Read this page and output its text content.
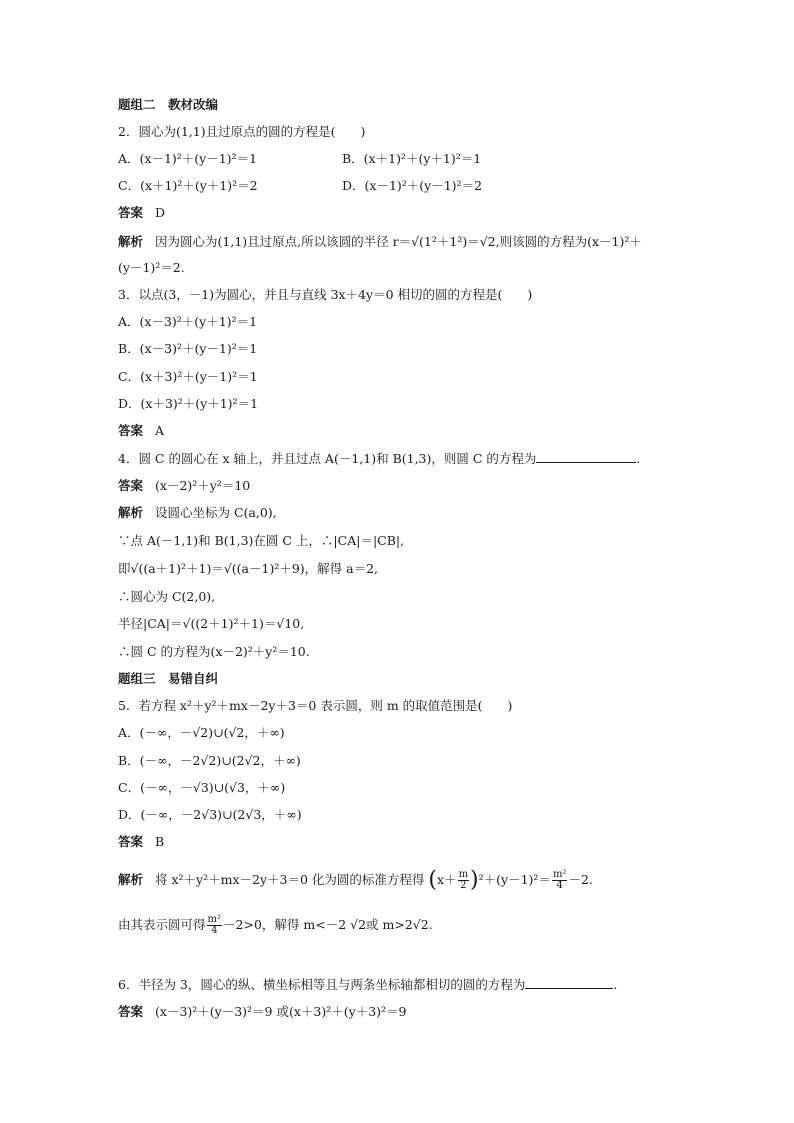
题组二　教材改编
2．圆心为(1,1)且过原点的圆的方程是(　　)
A．(x－1)²＋(y－1)²＝1	B．(x＋1)²＋(y＋1)²＝1
C．(x＋1)²＋(y＋1)²＝2	D．(x－1)²＋(y－1)²＝2
答案 D
解析 因为圆心为(1,1)且过原点,所以该圆的半径 r＝√(1²＋1²)＝√2,则该圆的方程为(x－1)²＋
(y－1)²＝2.
3．以点(3，－1)为圆心，并且与直线 3x＋4y＝0 相切的圆的方程是(　　)
A．(x－3)²＋(y＋1)²＝1
B．(x－3)²＋(y－1)²＝1
C．(x＋3)²＋(y－1)²＝1
D．(x＋3)²＋(y＋1)²＝1
答案 A
4．圆 C 的圆心在 x 轴上，并且过点 A(－1,1)和 B(1,3)，则圆 C 的方程为	.
答案 (x－2)²＋y²＝10
解析 设圆心坐标为 C(a,0),
∵点 A(－1,1)和 B(1,3)在圆 C 上，∴|CA|＝|CB|,
即√((a＋1)²＋1)＝√((a－1)²＋9)，解得 a＝2,
∴圆心为 C(2,0),
半径|CA|＝√((2＋1)²＋1)＝√10,
∴圆 C 的方程为(x－2)²＋y²＝10.
题组三　易错自纠
5．若方程 x²＋y²＋mx－2y＋3＝0 表示圆，则 m 的取值范围是(　　)
A．(－∞，－√2)∪(√2，＋∞)
B．(－∞，－2√2)∪(2√2，＋∞)
C．(－∞，－√3)∪(√3，＋∞)
D．(－∞，－2√3)∪(2√3，＋∞)
答案 B
解析 将 x²＋y²＋mx－2y＋3＝0 化为圆的标准方程得 $(x+ \frac{m}{2} )^2+(y-1)^2= \frac{\text{m²}}{4} -2$.
由其表示圆可得 $\frac{\text{m²}}{4} -2>0$，解得 m<－2 √2或 m>2√2.
6．半径为 3，圆心的纵、横坐标相等且与两条坐标轴都相切的圆的方程为	.
答案 (x－3)²＋(y－3)²＝9 或(x＋3)²＋(y＋3)²＝9
